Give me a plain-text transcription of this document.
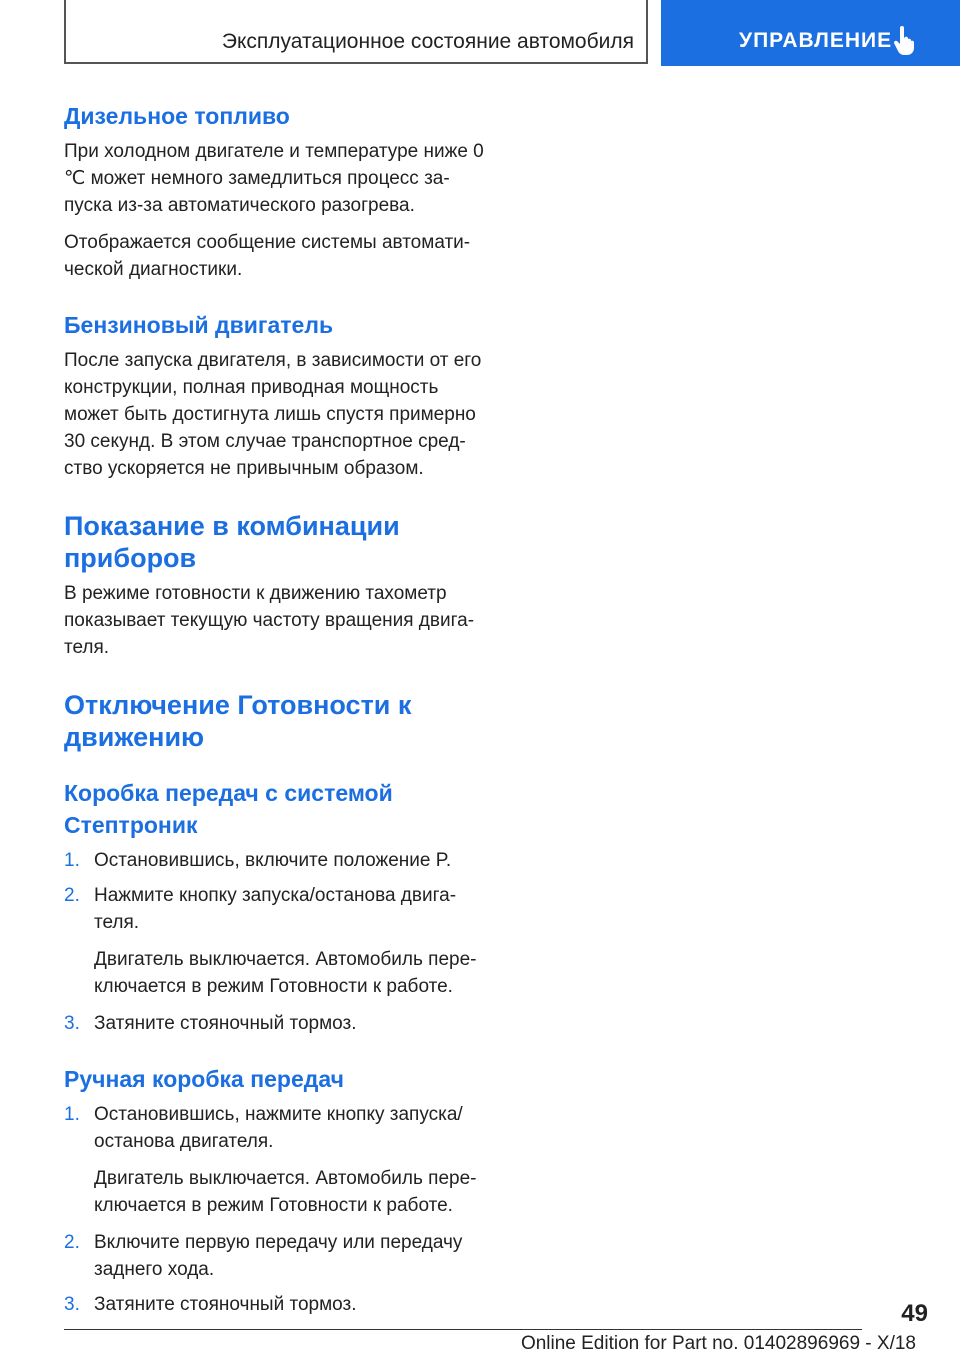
Эксплуатационное состояние автомобиля	УПРАВЛЕНИЕ
Дизельное топливо

При холодном двигателе и температуре ниже 0 ℃ может немного замедлиться процесс запуска из-за автоматического разогрева.

Отображается сообщение системы автоматической диагностики.

Бензиновый двигатель

После запуска двигателя, в зависимости от его конструкции, полная приводная мощность может быть достигнута лишь спустя примерно 30 секунд. В этом случае транспортное средство ускоряется не привычным образом.

Показание в комбинации приборов

В режиме готовности к движению тахометр показывает текущую частоту вращения двигателя.

Отключение Готовности к движению
Коробка передач с системой Стептроник
1. Остановившись, включите положение P.
2. Нажмите кнопку запуска/останова двигателя.

Двигатель выключается. Автомобиль переключается в режим Готовности к работе.

3. Затяните стояночный тормоз.
Ручная коробка передач
1. Остановившись, нажмите кнопку запуска/ останова двигателя.

Двигатель выключается. Автомобиль переключается в режим Готовности к работе.

2. Включите первую передачу или передачу заднего хода.
3. Затяните стояночный тормоз.	49
Online Edition for Part no. 01402896969 - X/18
